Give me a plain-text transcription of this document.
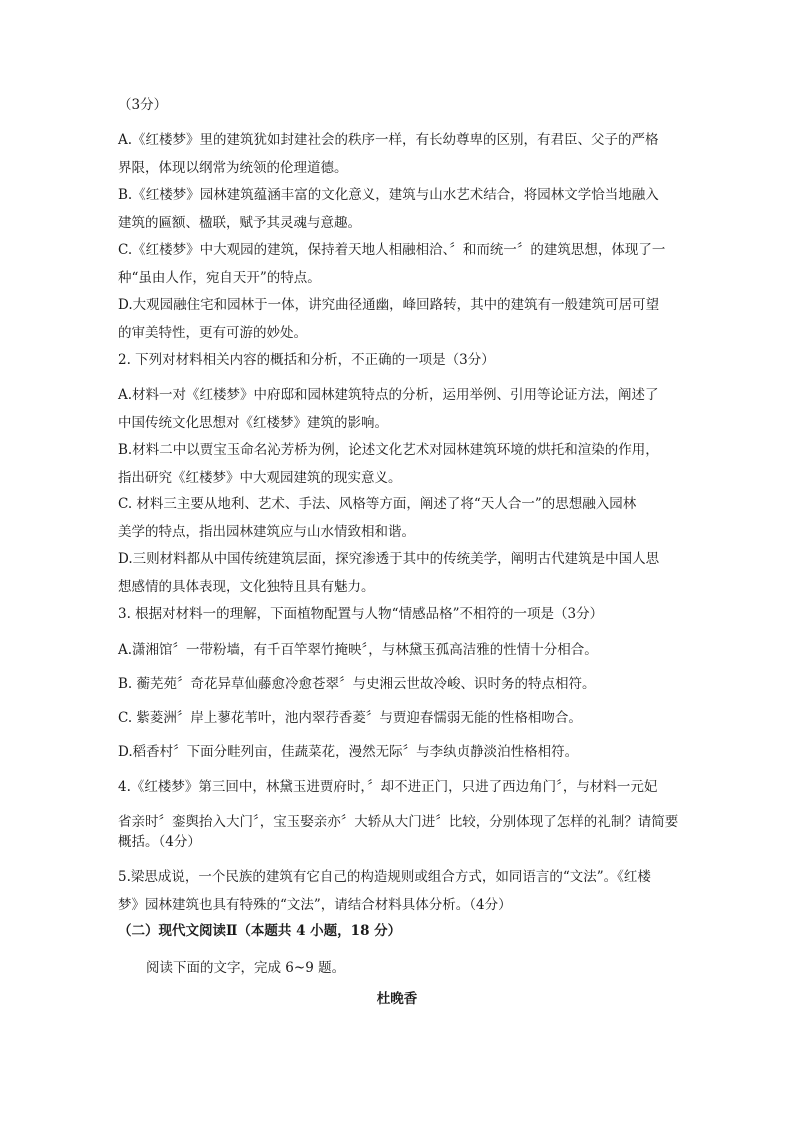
（3分）

A.《红楼梦》里的建筑犹如封建社会的秩序一样，有长幼尊卑的区别，有君臣、父子的严格
界限，体现以纲常为统领的伦理道德。

B.《红楼梦》园林建筑蕴涵丰富的文化意义，建筑与山水艺术结合，将园林文学恰当地融入
建筑的匾额、楹联，赋予其灵魂与意趣。

C.《红楼梦》中大观园的建筑，保持着天地人相融相洽、〞和而统一〞的建筑思想，体现了一
种“虽由人作，宛自天开”的特点。

D.大观园融住宅和园林于一体，讲究曲径通幽，峰回路转，其中的建筑有一般建筑可居可望
的审美特性，更有可游的妙处。

2. 下列对材料相关内容的概括和分析，不正确的一项是（3分）

A.材料一对《红楼梦》中府邸和园林建筑特点的分析，运用举例、引用等论证方法，阐述了
中国传统文化思想对《红楼梦》建筑的影响。

B.材料二中以贾宝玉命名沁芳桥为例，论述文化艺术对园林建筑环境的烘托和渲染的作用，
指出研究《红楼梦》中大观园建筑的现实意义。

C. 材料三主要从地利、艺术、手法、风格等方面，阐述了将“天人合一”的思想融入园林
美学的特点，指出园林建筑应与山水情致相和谐。

D.三则材料都从中国传统建筑层面，探究渗透于其中的传统美学，阐明古代建筑是中国人思
想感情的具体表现，文化独特且具有魅力。

3. 根据对材料一的理解，下面植物配置与人物“情感品格”不相符的一项是（3分）

A.潇湘馆〞一带粉墙，有千百竿翠竹掩映〞，与林黛玉孤高洁雅的性情十分相合。

B. 蘅芜苑〞奇花异草仙藤愈冷愈苍翠〞与史湘云世故冷峻、识时务的特点相符。

C. 紫菱洲〞岸上蓼花苇叶，池内翠荇香菱〞与贾迎春懦弱无能的性格相吻合。

D.稻香村〞下面分畦列亩，佳蔬菜花，漫然无际〞与李纨贞静淡泊性格相符。

4.《红楼梦》第三回中，林黛玉进贾府时，〞却不进正门，只进了西边角门〞，与材料一元妃

省亲时〞銮舆抬入大门〞，宝玉娶亲亦〞大轿从大门进〞比较，分别体现了怎样的礼制？请简要

概括。（4分）

5.梁思成说，一个民族的建筑有它自己的构造规则或组合方式，如同语言的“文法”。《红楼
梦》园林建筑也具有特殊的“文法”，请结合材料具体分析。（4分）

（二）现代文阅读Ⅱ（本题共 4 小题，18 分）

阅读下面的文字，完成 6~9 题。

杜晚香
